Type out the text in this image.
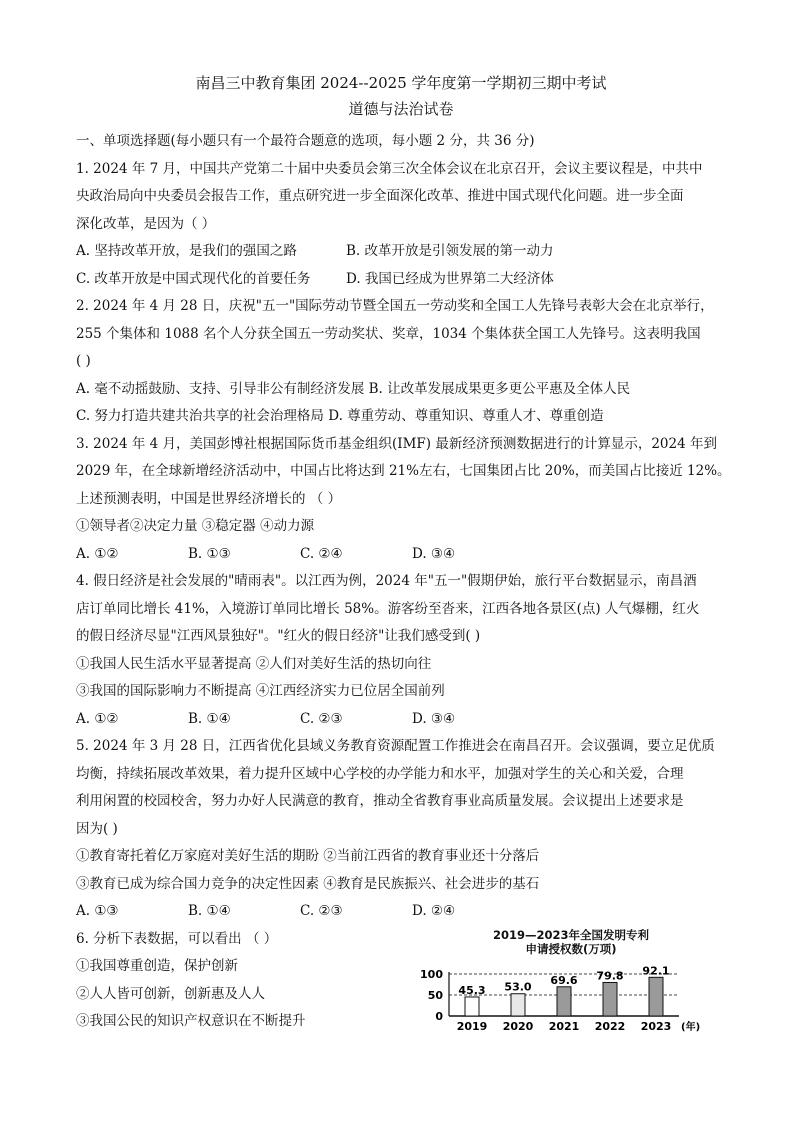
南昌三中教育集团 2024--2025 学年度第一学期初三期中考试

道德与法治试卷

一、单项选择题(每小题只有一个最符合题意的选项，每小题 2 分，共 36 分)

1. 2024 年 7 月，中国共产党第二十届中央委员会第三次全体会议在北京召开，会议主要议程是，中共中

央政治局向中央委员会报告工作，重点研究进一步全面深化改革、推进中国式现代化问题。进一步全面

深化改革，是因为（ ）

A. 坚持改革开放，是我们的强国之路	B. 改革开放是引领发展的第一动力
C. 改革开放是中国式现代化的首要任务	D. 我国已经成为世界第二大经济体

2. 2024 年 4 月 28 日，庆祝"五一"国际劳动节暨全国五一劳动奖和全国工人先锋号表彰大会在北京举行，

255 个集体和 1088 名个人分获全国五一劳动奖状、奖章，1034 个集体获全国工人先锋号。这表明我国

( )

A. 毫不动摇鼓励、支持、引导非公有制经济发展 B. 让改革发展成果更多更公平惠及全体人民

C. 努力打造共建共治共享的社会治理格局 D. 尊重劳动、尊重知识、尊重人才、尊重创造

3. 2024 年 4 月，美国彭博社根据国际货币基金组织(IMF) 最新经济预测数据进行的计算显示，2024 年到

2029 年，在全球新增经济活动中，中国占比将达到 21%左右，七国集团占比 20%，而美国占比接近 12%。

上述预测表明，中国是世界经济增长的 （ ）

①领导者②决定力量 ③稳定器 ④动力源

A. ①②	B. ①③	C. ②④	D. ③④

4. 假日经济是社会发展的"晴雨表"。以江西为例，2024 年"五一"假期伊始，旅行平台数据显示，南昌酒

店订单同比增长 41%，入境游订单同比增长 58%。游客纷至沓来，江西各地各景区(点) 人气爆棚，红火

的假日经济尽显"江西风景独好"。"红火的假日经济"让我们感受到( )

①我国人民生活水平显著提高 ②人们对美好生活的热切向往

③我国的国际影响力不断提高 ④江西经济实力已位居全国前列

A. ①②	B. ①④	C. ②③	D. ③④

5. 2024 年 3 月 28 日，江西省优化县域义务教育资源配置工作推进会在南昌召开。会议强调，要立足优质

均衡，持续拓展改革效果，着力提升区域中心学校的办学能力和水平，加强对学生的关心和关爱，合理

利用闲置的校园校舍，努力办好人民满意的教育，推动全省教育事业高质量发展。会议提出上述要求是

因为( )

①教育寄托着亿万家庭对美好生活的期盼 ②当前江西省的教育事业还十分落后

③教育已成为综合国力竞争的决定性因素 ④教育是民族振兴、社会进步的基石

A. ①③	B. ①④	C. ②③	D. ②④

6. 分析下表数据，可以看出 （ ）

①我国尊重创造，保护创新

②人人皆可创新，创新惠及人人

③我国公民的知识产权意识在不断提升

2019—2023年全国发明专利
申请授权数(万项)
100
50
0
45.3
2019
53.0
2020
69.6
2021
79.8
2022
92.1
2023 (年)
